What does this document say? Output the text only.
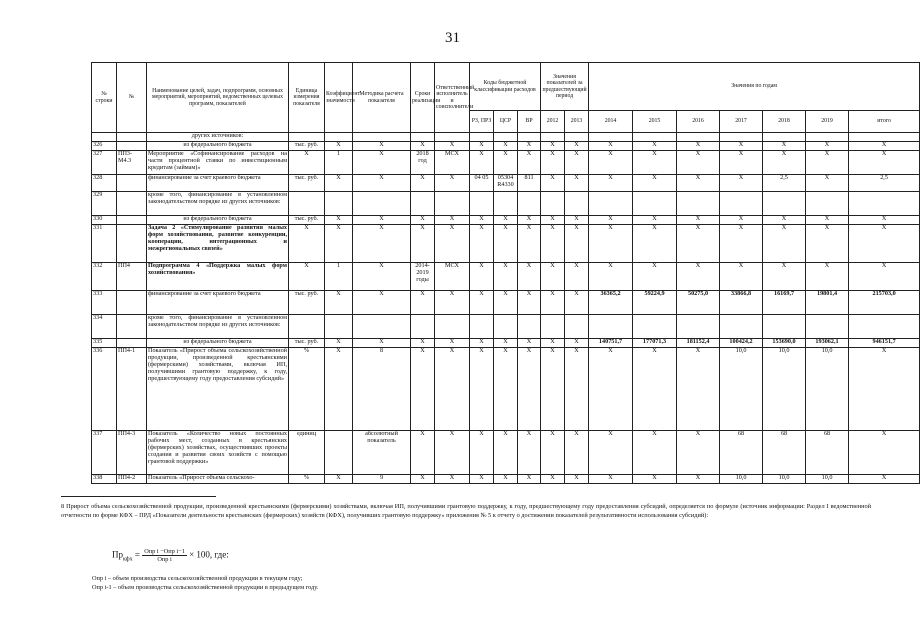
31
№ строки	№	Наименование целей, задач, подпрограмм, основных мероприятий, мероприятий, ведомственных целевых программ, показателей	Единица измерения показателя	Коэффициент значимости	Методика расчета показателя	Сроки реализации	Ответственный исполнитель и соисполнители	Коды бюджетной классификации расходов			Значения показателей за предшествующий период		Значения по годам						
								РЗ, ПРЗ	ЦСР	ВР	2012	2013	2014	2015	2016	2017	2018	2019	итого
		других источников:																	
326		из федерального бюджета	тыс. руб.	X	X	X	X	X	X	X	X	X	X	X	X	X	X	X	X
327	ПП3-М4.3	Мероприятие «Софинансирование расходов на части процентной ставки по инвестиционным кредитам (займам)»	X	1	X	2018 год	МСХ	X	X	X	X	X	X	X	X	X	X	X	X
328		финансирование за счет краевого бюджета	тыс. руб.	X	X	X	X	04 05	05304 R4330	811	X	X	X	X	X	X	2,5	X	2,5
329		кроме того, финансирование в установленном законодательством порядке из других источников:																	
330		из федерального бюджета	тыс. руб.	X	X	X	X	X	X	X	X	X	X	X	X	X	X	X	X
331		Задача 2 «Стимулирование развития малых форм хозяйствования, развитие конкуренции, кооперации, интеграционных и межрегиональных связей»	X	X	X	X	X	X	X	X	X	X	X	X	X	X	X	X	X
332	ПП4	Подпрограмма 4 «Поддержка малых форм хозяйствования»	X	1	X	2014-2019 годы	МСХ	X	X	X	X	X	X	X	X	X	X	X	X
333		финансирование за счет краевого бюджета	тыс. руб.	X	X	X	X	X	X	X	X	X	36365,2	59224,9	50275,0	33866,8	16169,7	19801,4	215703,0
334		кроме того, финансирование в установленном законодательством порядке из других источников:																	
335		из федерального бюджета	тыс. руб.	X	X	X	X	X	X	X	X	X	140751,7	177071,3	181152,4	100424,2	153690,0	193062,1	946151,7
336	ПП4-1	Показатель «Прирост объема сельскохозяйственной продукции, произведенной крестьянскими (фермерскими) хозяйствами, включая ИП, получившими грантовую поддержку, к году, предшествующему году предоставления субсидий»	%	X	8	X	X	X	X	X	X	X	X	X	X	10,0	10,0	10,0	X
337	ПП4-3	Показатель «Количество новых постоянных рабочих мест, созданных в крестьянских (фермерских) хозяйствах, осуществивших проекты создания и развития своих хозяйств с помощью грантовой поддержки»	единиц		абсолютный показатель	X	X	X	X	X	X	X	X	X	X	68	68	68	X
338	ПП4-2	Показатель «Прирост объема сельскохо-	%	X	9	X	X	X	X	X	X	X	X	X	X	10,0	10,0	10,0	X
8 Прирост объема сельскохозяйственной продукции, произведенной крестьянскими (фермерскими) хозяйствами, включая ИП, получившими грантовую поддержку, к году, предшествующему году предоставления субсидий, определяется по формуле (источник информации: Раздел I ведомственной отчетности по форме КФХ – ПРД «Показатели деятельности крестьянских (фермерских) хозяйств (КФХ), получивших грантовую поддержку» приложения № 5 к отчету о достижении показателей результативности использования субсидий):
$Пр_{кфх} = \frac{\text{Опр i −Опр i−1}}{\text{Опр i}} \times 100$, где:
Опр i – объем производства сельскохозяйственной продукции в текущем году;
Опр i-1 – объем производства сельскохозяйственной продукции в предыдущем году.
